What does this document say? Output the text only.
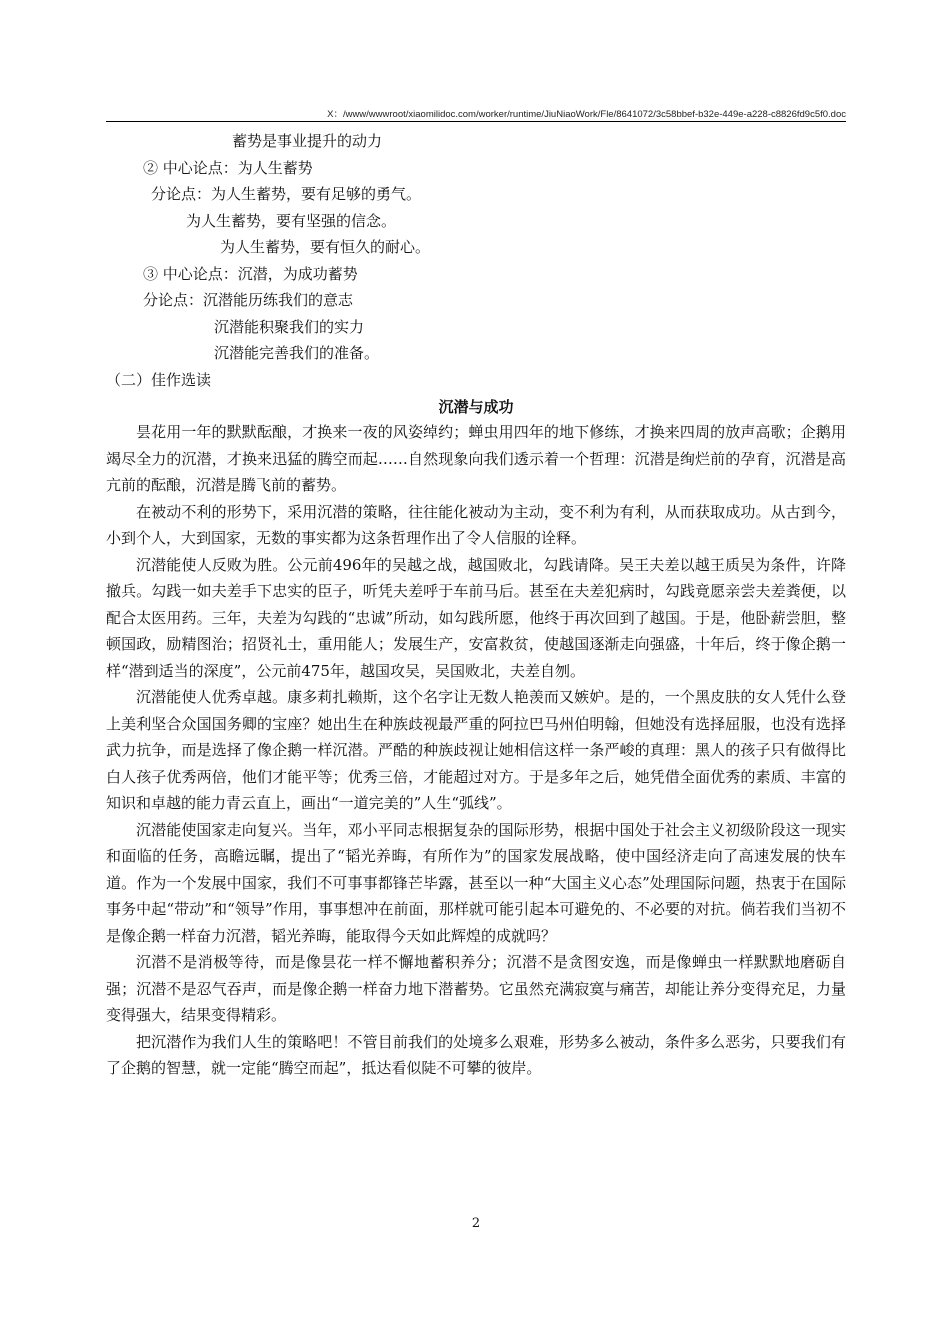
X：/www/wwwroot/xiaomilidoc.com/worker/runtime/JiuNiaoWork/Fle/8641072/3c58bbef-b32e-449e-a228-c8826fd9c5f0.doc
蓄势是事业提升的动力
② 中心论点：为人生蓄势
分论点：为人生蓄势，要有足够的勇气。
为人生蓄势，要有坚强的信念。
为人生蓄势，要有恒久的耐心。
③ 中心论点：沉潜，为成功蓄势
分论点：沉潜能历练我们的意志
沉潜能积聚我们的实力
沉潜能完善我们的准备。
（二）佳作选读
沉潜与成功

昙花用一年的默默酝酿，才换来一夜的风姿绰约；蝉虫用四年的地下修练，才换来四周的放声高歌；企鹅用竭尽全力的沉潜，才换来迅猛的腾空而起……自然现象向我们透示着一个哲理：沉潜是绚烂前的孕育，沉潜是高亢前的酝酿，沉潜是腾飞前的蓄势。

在被动不利的形势下，采用沉潜的策略，往往能化被动为主动，变不利为有利，从而获取成功。从古到今，小到个人，大到国家，无数的事实都为这条哲理作出了令人信服的诠释。

沉潜能使人反败为胜。公元前496年的吴越之战，越国败北，勾践请降。吴王夫差以越王质吴为条件，许降撤兵。勾践一如夫差手下忠实的臣子，听凭夫差呼于车前马后。甚至在夫差犯病时，勾践竟愿亲尝夫差粪便，以配合太医用药。三年，夫差为勾践的“忠诚”所动，如勾践所愿，他终于再次回到了越国。于是，他卧薪尝胆，整顿国政，励精图治；招贤礼士，重用能人；发展生产，安富救贫，使越国逐渐走向强盛，十年后，终于像企鹅一样“潜到适当的深度”，公元前475年，越国攻吴，吴国败北，夫差自刎。

沉潜能使人优秀卓越。康多莉扎赖斯，这个名字让无数人艳羡而又嫉妒。是的，一个黑皮肤的女人凭什么登上美利坚合众国国务卿的宝座？她出生在种族歧视最严重的阿拉巴马州伯明翰，但她没有选择屈服，也没有选择武力抗争，而是选择了像企鹅一样沉潜。严酷的种族歧视让她相信这样一条严峻的真理：黑人的孩子只有做得比白人孩子优秀两倍，他们才能平等；优秀三倍，才能超过对方。于是多年之后，她凭借全面优秀的素质、丰富的知识和卓越的能力青云直上，画出“一道完美的”人生“弧线”。

沉潜能使国家走向复兴。当年，邓小平同志根据复杂的国际形势，根据中国处于社会主义初级阶段这一现实和面临的任务，高瞻远瞩，提出了“韬光养晦，有所作为”的国家发展战略，使中国经济走向了高速发展的快车道。作为一个发展中国家，我们不可事事都锋芒毕露，甚至以一种“大国主义心态”处理国际问题，热衷于在国际事务中起“带动”和“领导”作用，事事想冲在前面，那样就可能引起本可避免的、不必要的对抗。倘若我们当初不是像企鹅一样奋力沉潜，韬光养晦，能取得今天如此辉煌的成就吗？

沉潜不是消极等待，而是像昙花一样不懈地蓄积养分；沉潜不是贪图安逸，而是像蝉虫一样默默地磨砺自强；沉潜不是忍气吞声，而是像企鹅一样奋力地下潜蓄势。它虽然充满寂寞与痛苦，却能让养分变得充足，力量变得强大，结果变得精彩。

把沉潜作为我们人生的策略吧！不管目前我们的处境多么艰难，形势多么被动，条件多么恶劣，只要我们有了企鹅的智慧，就一定能“腾空而起”，抵达看似陡不可攀的彼岸。

2
